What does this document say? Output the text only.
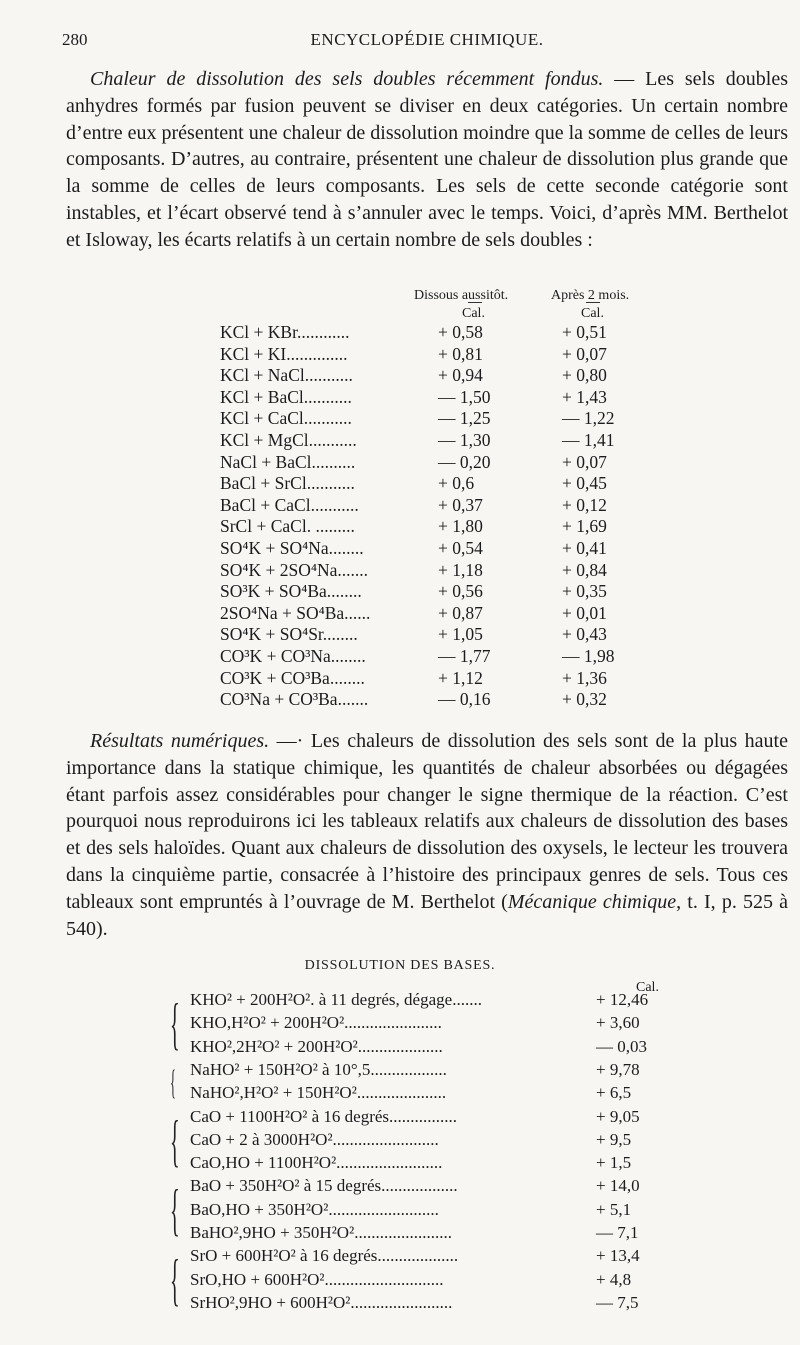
280	ENCYCLOPÉDIE CHIMIQUE.
Chaleur de dissolution des sels doubles récemment fondus. — Les sels doubles anhydres formés par fusion peuvent se diviser en deux catégories. Un certain nombre d’entre eux présentent une chaleur de dissolution moindre que la somme de celles de leurs composants. D’autres, au contraire, présentent une chaleur de dissolution plus grande que la somme de celles de leurs composants. Les sels de cette seconde catégorie sont instables, et l’écart observé tend à s’annuler avec le temps. Voici, d’après MM. Berthelot et Isloway, les écarts relatifs à un certain nombre de sels doubles :
Dissous aussitôt.	Après 2 mois.
Cal.	Cal.
KCl + KBr............	+ 0,58	+ 0,51
KCl + KI..............	+ 0,81	+ 0,07
KCl + NaCl...........	+ 0,94	+ 0,80
KCl + BaCl...........	— 1,50	+ 1,43
KCl + CaCl...........	— 1,25	— 1,22
KCl + MgCl...........	— 1,30	— 1,41
NaCl + BaCl..........	— 0,20	+ 0,07
BaCl + SrCl...........	+ 0,6	+ 0,45
BaCl + CaCl...........	+ 0,37	+ 0,12
SrCl + CaCl. .........	+ 1,80	+ 1,69
SO⁴K + SO⁴Na........	+ 0,54	+ 0,41
SO⁴K + 2SO⁴Na.......	+ 1,18	+ 0,84
SO³K + SO⁴Ba........	+ 0,56	+ 0,35
2SO⁴Na + SO⁴Ba......	+ 0,87	+ 0,01
SO⁴K + SO⁴Sr........	+ 1,05	+ 0,43
CO³K + CO³Na........	— 1,77	— 1,98
CO³K + CO³Ba........	+ 1,12	+ 1,36
CO³Na + CO³Ba.......	— 0,16	+ 0,32
Résultats numériques. —· Les chaleurs de dissolution des sels sont de la plus haute importance dans la statique chimique, les quantités de chaleur absorbées ou dégagées étant parfois assez considérables pour changer le signe thermique de la réaction. C’est pourquoi nous reproduirons ici les tableaux relatifs aux chaleurs de dissolution des bases et des sels haloïdes. Quant aux chaleurs de dissolution des oxysels, le lecteur les trouvera dans la cinquième partie, consacrée à l’histoire des principaux genres de sels. Tous ces tableaux sont empruntés à l’ouvrage de M. Berthelot (Mécanique chimique, t. I, p. 525 à 540).
DISSOLUTION DES BASES.
Cal.
KHO² + 200H²O². à 11 degrés, dégage.......	+ 12,46
KHO,H²O² + 200H²O².......................	+ 3,60
KHO²,2H²O² + 200H²O²....................	— 0,03
NaHO² + 150H²O² à 10°,5..................	+ 9,78
NaHO²,H²O² + 150H²O².....................	+ 6,5
CaO + 1100H²O² à 16 degrés................	+ 9,05
CaO + 2 à 3000H²O².........................	+ 9,5
CaO,HO + 1100H²O².........................	+ 1,5
BaO + 350H²O² à 15 degrés..................	+ 14,0
BaO,HO + 350H²O²..........................	+ 5,1
BaHO²,9HO + 350H²O².......................	— 7,1
SrO + 600H²O² à 16 degrés...................	+ 13,4
SrO,HO + 600H²O²............................	+ 4,8
SrHO²,9HO + 600H²O²........................	— 7,5
{
{
{
{
{
